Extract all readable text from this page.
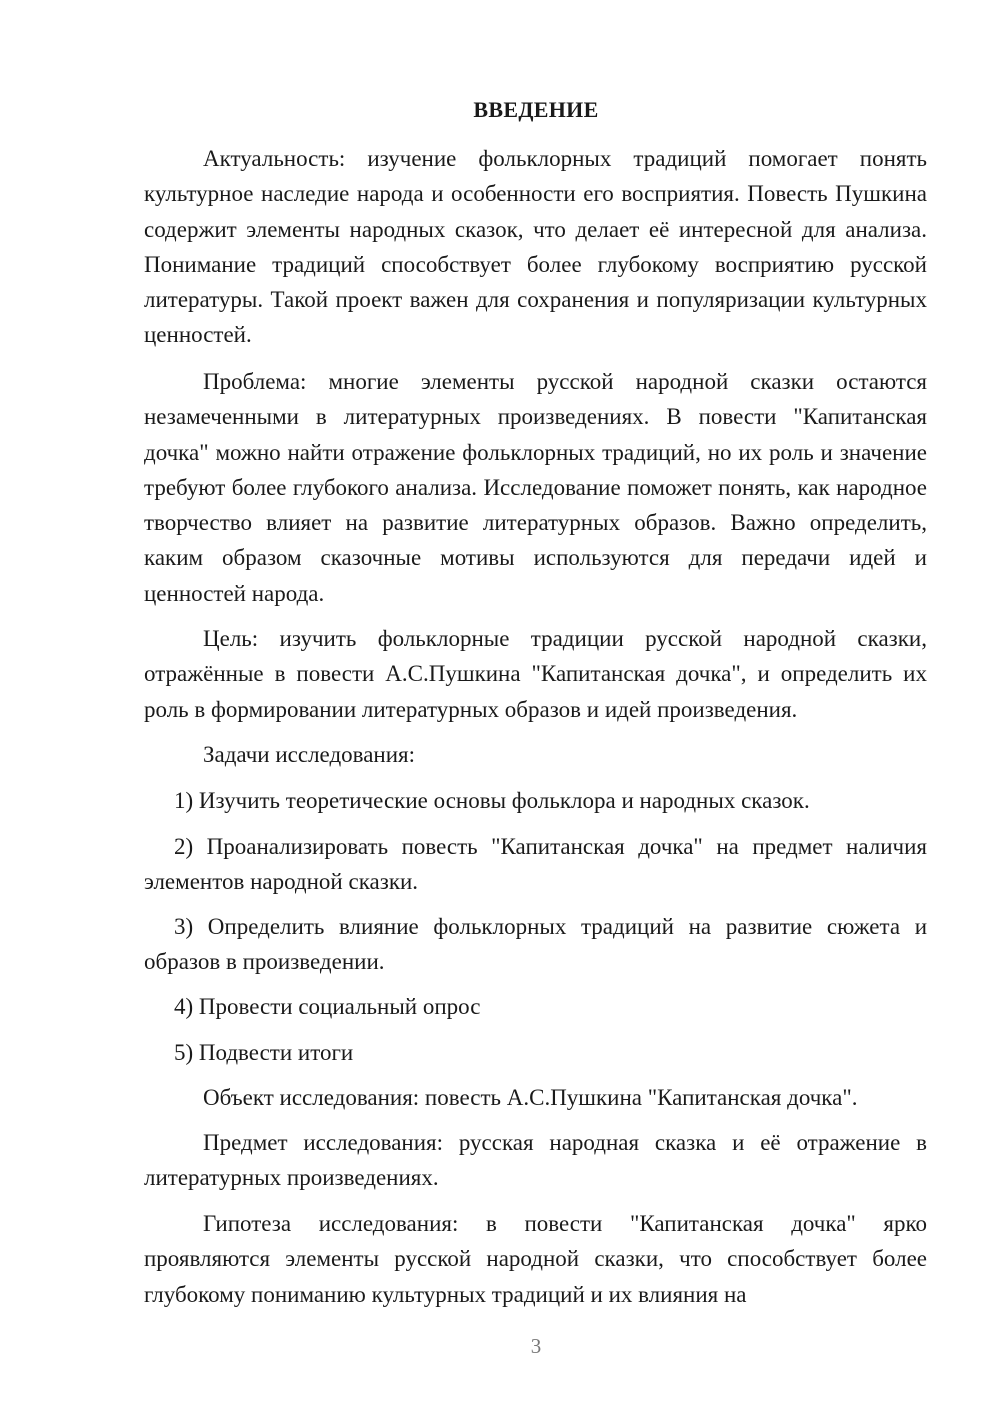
ВВЕДЕНИЕ

Актуальность: изучение фольклорных традиций помогает понять культурное наследие народа и особенности его восприятия. Повесть Пушкина содержит элементы народных сказок, что делает её интересной для анализа. Понимание традиций способствует более глубокому восприятию русской литературы. Такой проект важен для сохранения и популяризации культурных ценностей.

Проблема: многие элементы русской народной сказки остаются незамеченными в литературных произведениях. В повести "Капитанская дочка" можно найти отражение фольклорных традиций, но их роль и значение требуют более глубокого анализа. Исследование поможет понять, как народное творчество влияет на развитие литературных образов. Важно определить, каким образом сказочные мотивы используются для передачи идей и ценностей народа.

Цель: изучить фольклорные традиции русской народной сказки, отражённые в повести А.С.Пушкина "Капитанская дочка", и определить их роль в формировании литературных образов и идей произведения.

Задачи исследования:

1) Изучить теоретические основы фольклора и народных сказок.

2) Проанализировать повесть "Капитанская дочка" на предмет наличия элементов народной сказки.

3) Определить влияние фольклорных традиций на развитие сюжета и образов в произведении.

4) Провести социальный опрос

5) Подвести итоги

Объект исследования: повесть А.С.Пушкина "Капитанская дочка".

Предмет исследования: русская народная сказка и её отражение в литературных произведениях.

Гипотеза исследования: в повести "Капитанская дочка" ярко проявляются элементы русской народной сказки, что способствует более глубокому пониманию культурных традиций и их влияния на

3
